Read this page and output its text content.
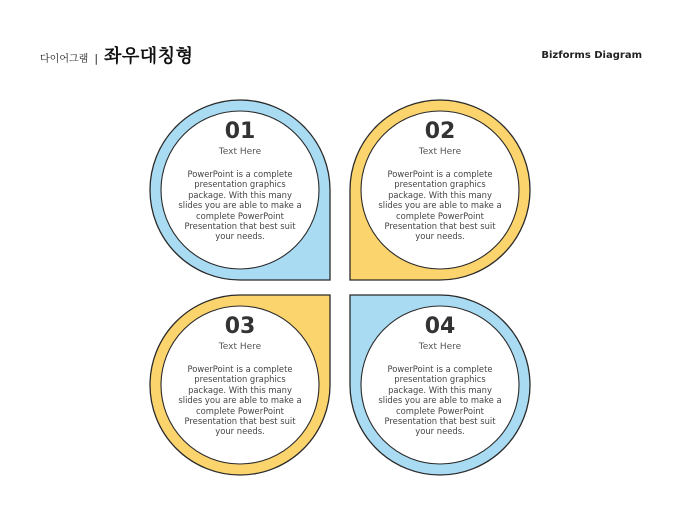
다이어그램 | 좌우대칭형	Bizforms Diagram
01
Text Here
PowerPoint is a complete presentation graphics package. With this many slides you are able to make a complete PowerPoint Presentation that best suit your needs.
02
Text Here
PowerPoint is a complete presentation graphics package. With this many slides you are able to make a complete PowerPoint Presentation that best suit your needs.
03
Text Here
PowerPoint is a complete presentation graphics package. With this many slides you are able to make a complete PowerPoint Presentation that best suit your needs.
04
Text Here
PowerPoint is a complete presentation graphics package. With this many slides you are able to make a complete PowerPoint Presentation that best suit your needs.
